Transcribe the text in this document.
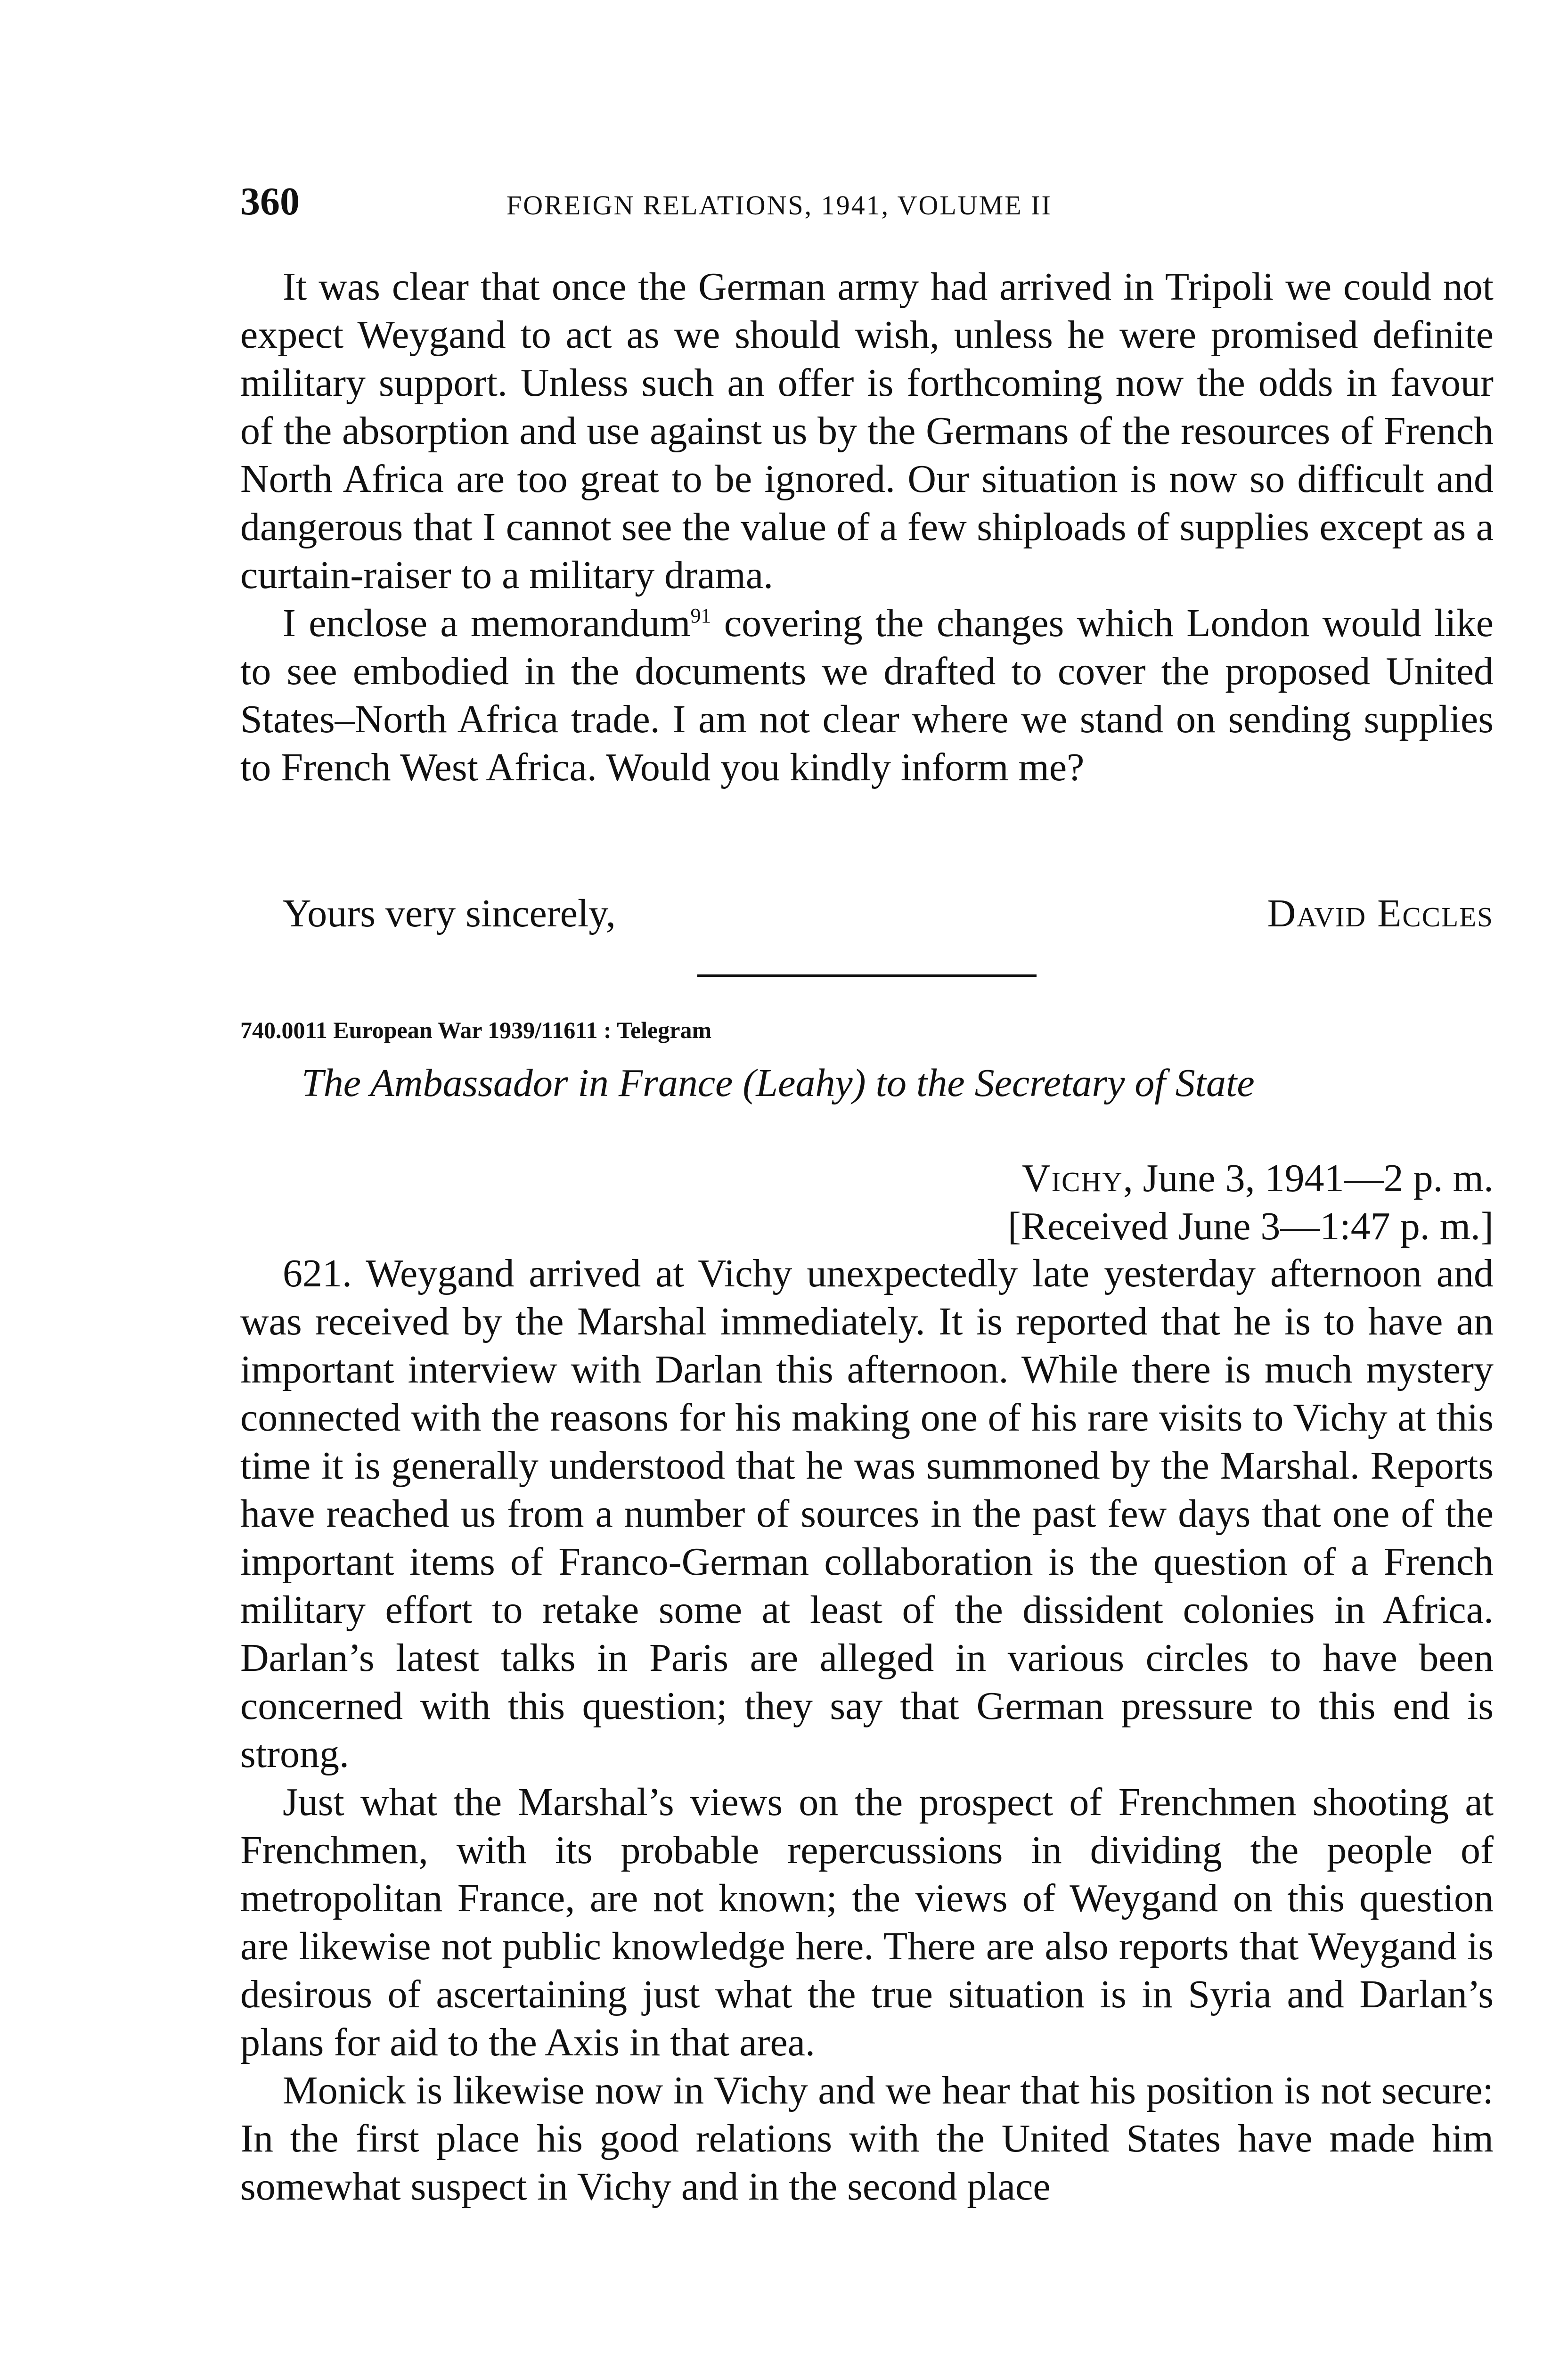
360	FOREIGN RELATIONS, 1941, VOLUME II

It was clear that once the German army had arrived in Tripoli we could not expect Weygand to act as we should wish, unless he were promised definite military support. Unless such an offer is forthcoming now the odds in favour of the absorption and use against us by the Germans of the resources of French North Africa are too great to be ignored. Our situation is now so difficult and dangerous that I cannot see the value of a few shiploads of supplies except as a curtain-raiser to a military drama.

I enclose a memorandum$^{91}$ covering the changes which London would like to see embodied in the documents we drafted to cover the proposed United States–North Africa trade. I am not clear where we stand on sending supplies to French West Africa. Would you kindly inform me?

Yours very sincerely,	David Eccles
740.0011 European War 1939/11611 : Telegram
The Ambassador in France (Leahy) to the Secretary of State
Vichy, June 3, 1941—2 p. m.
[Received June 3—1:47 p. m.]

621. Weygand arrived at Vichy unexpectedly late yesterday afternoon and was received by the Marshal immediately. It is reported that he is to have an important interview with Darlan this afternoon. While there is much mystery connected with the reasons for his making one of his rare visits to Vichy at this time it is generally understood that he was summoned by the Marshal. Reports have reached us from a number of sources in the past few days that one of the important items of Franco-German collaboration is the question of a French military effort to retake some at least of the dissident colonies in Africa. Darlan’s latest talks in Paris are alleged in various circles to have been concerned with this question; they say that German pressure to this end is strong.

Just what the Marshal’s views on the prospect of Frenchmen shooting at Frenchmen, with its probable repercussions in dividing the people of metropolitan France, are not known; the views of Weygand on this question are likewise not public knowledge here. There are also reports that Weygand is desirous of ascertaining just what the true situation is in Syria and Darlan’s plans for aid to the Axis in that area.

Monick is likewise now in Vichy and we hear that his position is not secure: In the first place his good relations with the United States have made him somewhat suspect in Vichy and in the second place
